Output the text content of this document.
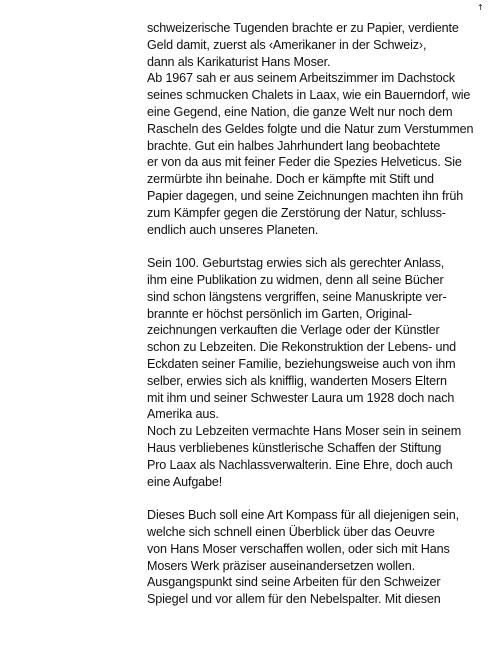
↑
schweizerische Tugenden brachte er zu Papier, verdiente
Geld damit, zuerst als ‹Amerikaner in der Schweiz›,
dann als Karikaturist Hans Moser.
Ab 1967 sah er aus seinem Arbeitszimmer im Dachstock
seines schmucken Chalets in Laax, wie ein Bauerndorf, wie
eine Gegend, eine Nation, die ganze Welt nur noch dem
Rascheln des Geldes folgte und die Natur zum Verstummen
brachte. Gut ein halbes Jahrhundert lang beobachtete
er von da aus mit feiner Feder die Spezies Helveticus. Sie
zermürbte ihn beinahe. Doch er kämpfte mit Stift und
Papier dagegen, und seine Zeichnungen machten ihn früh
zum Kämpfer gegen die Zerstörung der Natur, schluss-
endlich auch unseres Planeten.
Sein 100. Geburtstag erwies sich als gerechter Anlass,
ihm eine Publikation zu widmen, denn all seine Bücher
sind schon längstens vergriffen, seine Manuskripte ver-
brannte er höchst persönlich im Garten, Original-
zeichnungen verkauften die Verlage oder der Künstler
schon zu Lebzeiten. Die Rekonstruktion der Lebens- und
Eckdaten seiner Familie, beziehungsweise auch von ihm
selber, erwies sich als knifflig, wanderten Mosers Eltern
mit ihm und seiner Schwester Laura um 1928 doch nach
Amerika aus.
Noch zu Lebzeiten vermachte Hans Moser sein in seinem
Haus verbliebenes künstlerische Schaffen der Stiftung
Pro Laax als Nachlassverwalterin. Eine Ehre, doch auch
eine Aufgabe!
Dieses Buch soll eine Art Kompass für all diejenigen sein,
welche sich schnell einen Überblick über das Oeuvre
von Hans Moser verschaffen wollen, oder sich mit Hans
Mosers Werk präziser auseinandersetzen wollen.
Ausgangspunkt sind seine Arbeiten für den Schweizer
Spiegel und vor allem für den Nebelspalter. Mit diesen
